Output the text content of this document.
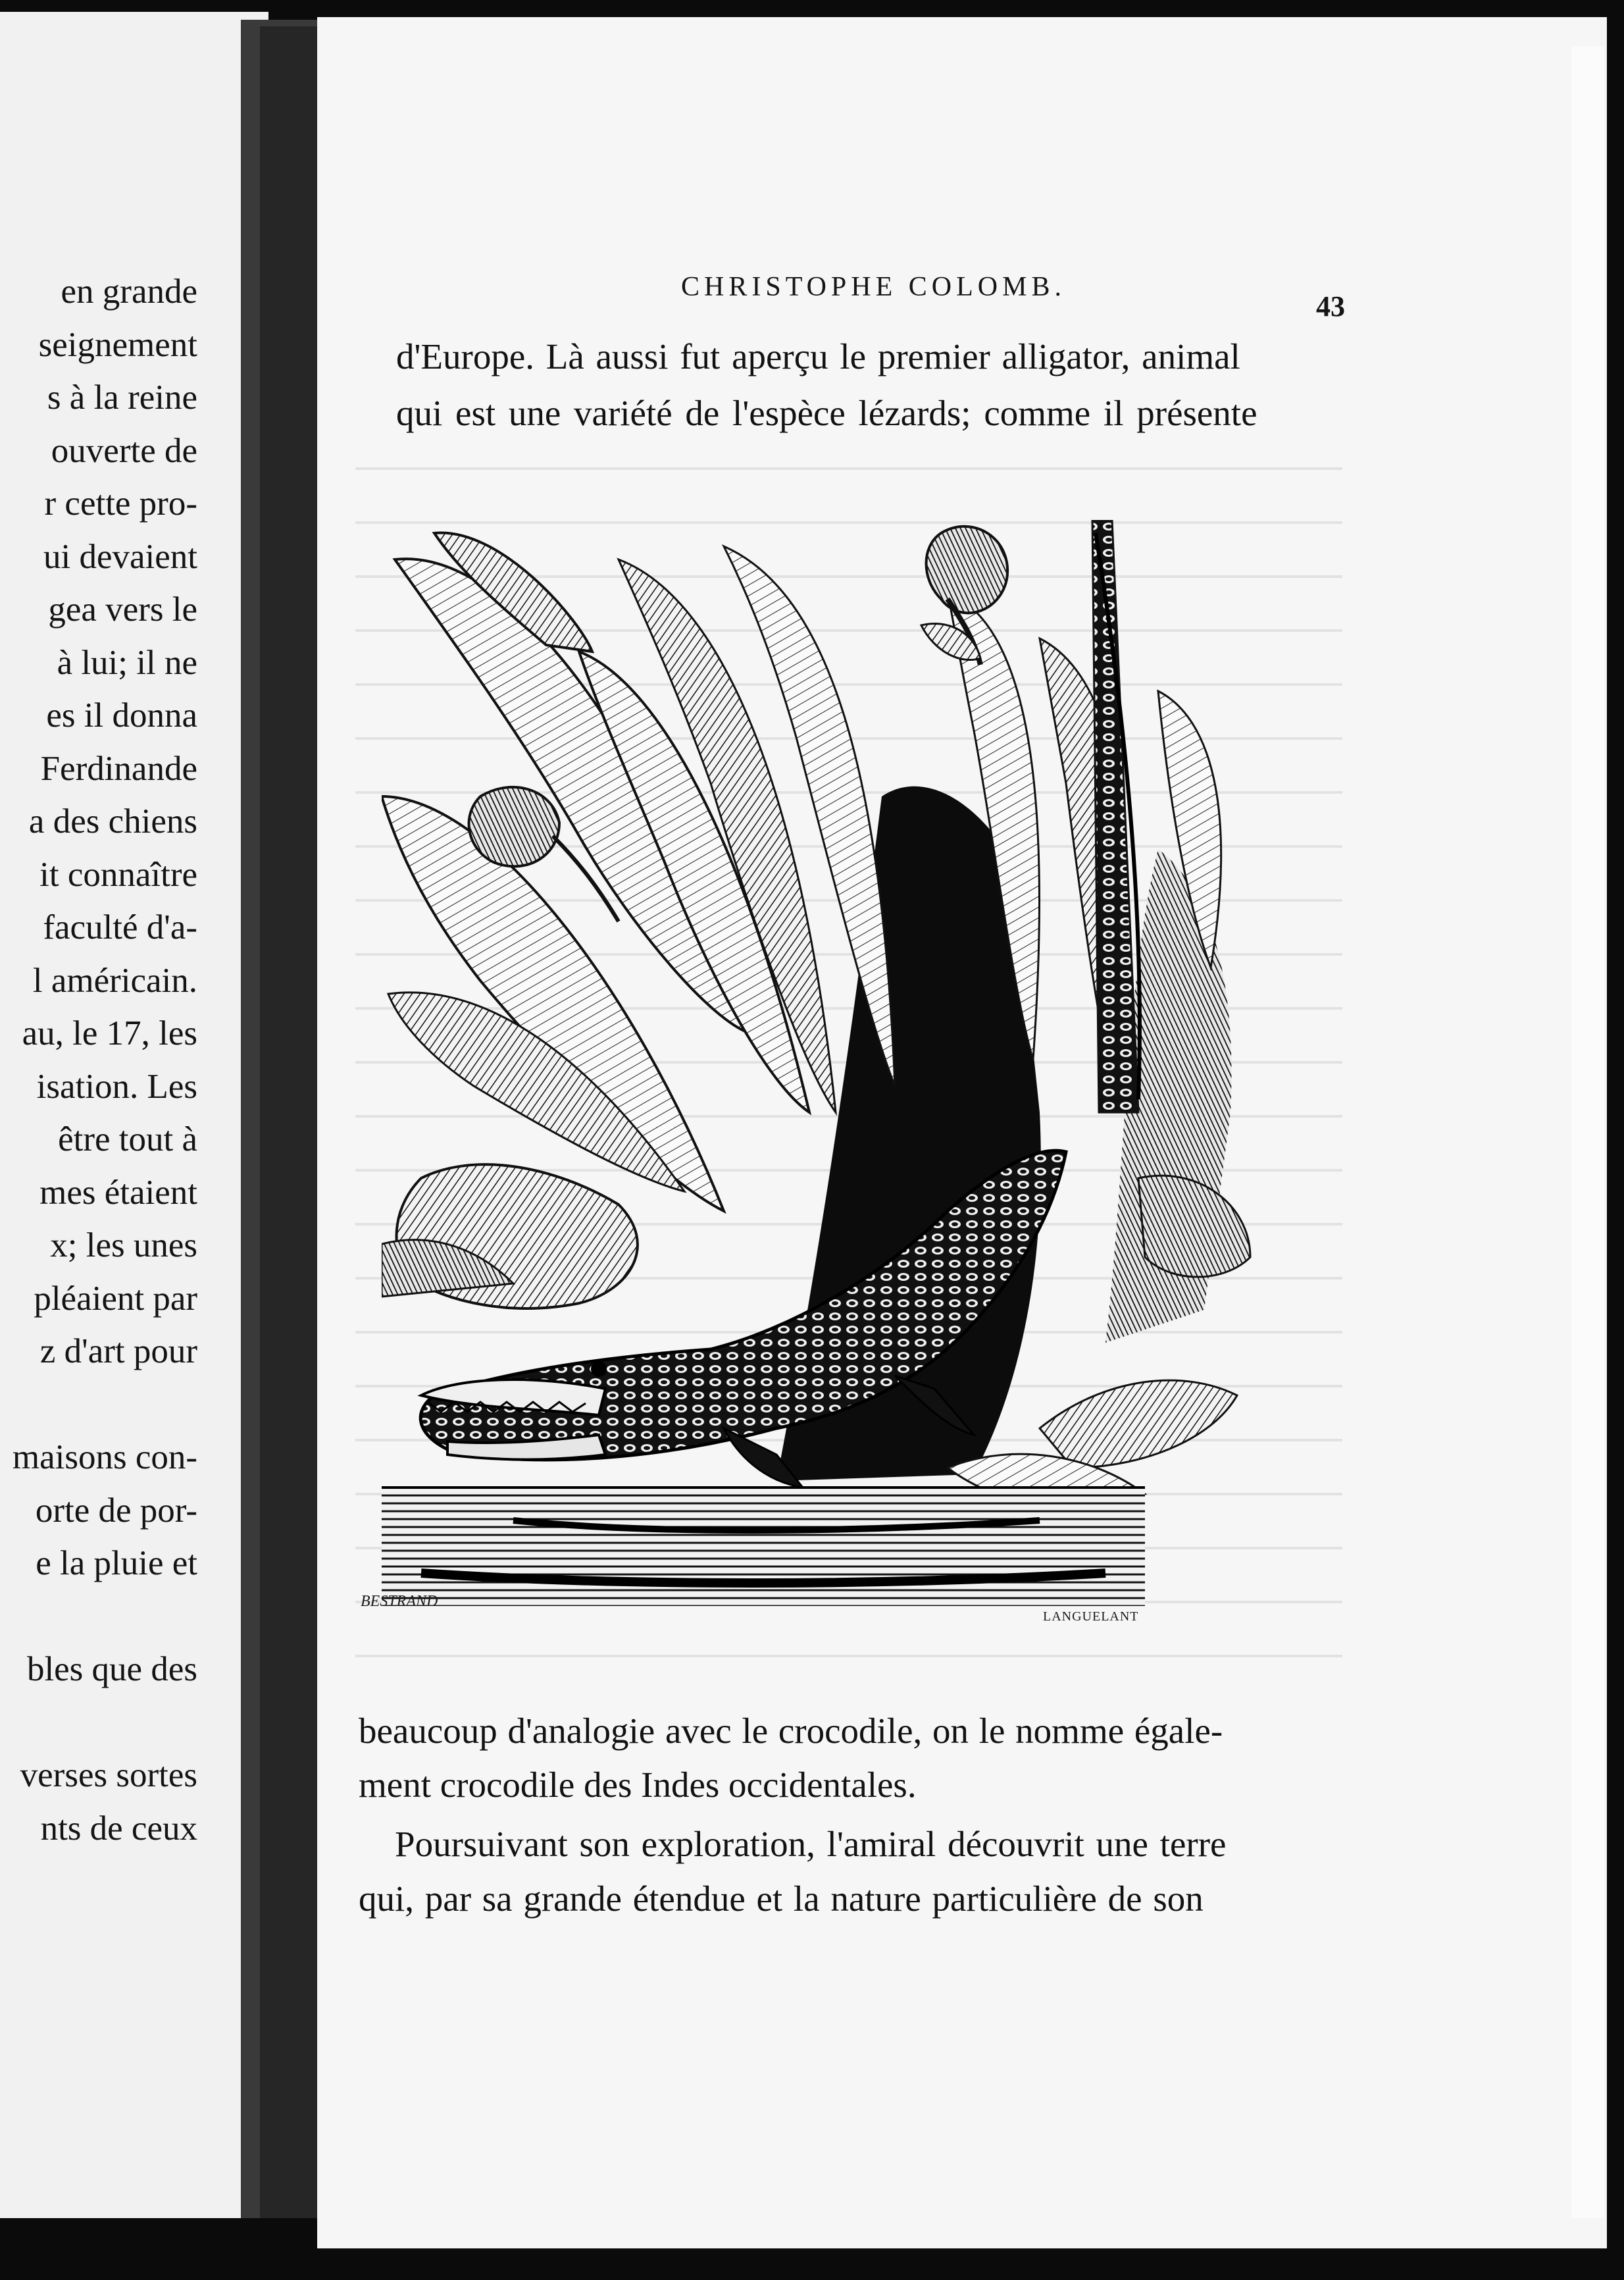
en grande
seignement
s à la reine
ouverte de
r cette pro-
ui devaient
gea vers le
à lui; il ne
es il donna
Ferdinande
a des chiens
it connaître
faculté d'a-
l américain.
au, le 17, les
isation. Les
être tout à
mes étaient
x; les unes
pléaient par
z d'art pour
maisons con-
orte de por-
e la pluie et
bles que des
verses sortes
nts de ceux
CHRISTOPHE COLOMB.
43
d'Europe. Là aussi fut aperçu le premier alligator, animal
qui est une variété de l'espèce lézards; comme il présente
BESTRAND
LANGUELANT
beaucoup d'analogie avec le crocodile, on le nomme égale-
ment crocodile des Indes occidentales.
Poursuivant son exploration, l'amiral découvrit une terre
qui, par sa grande étendue et la nature particulière de son
